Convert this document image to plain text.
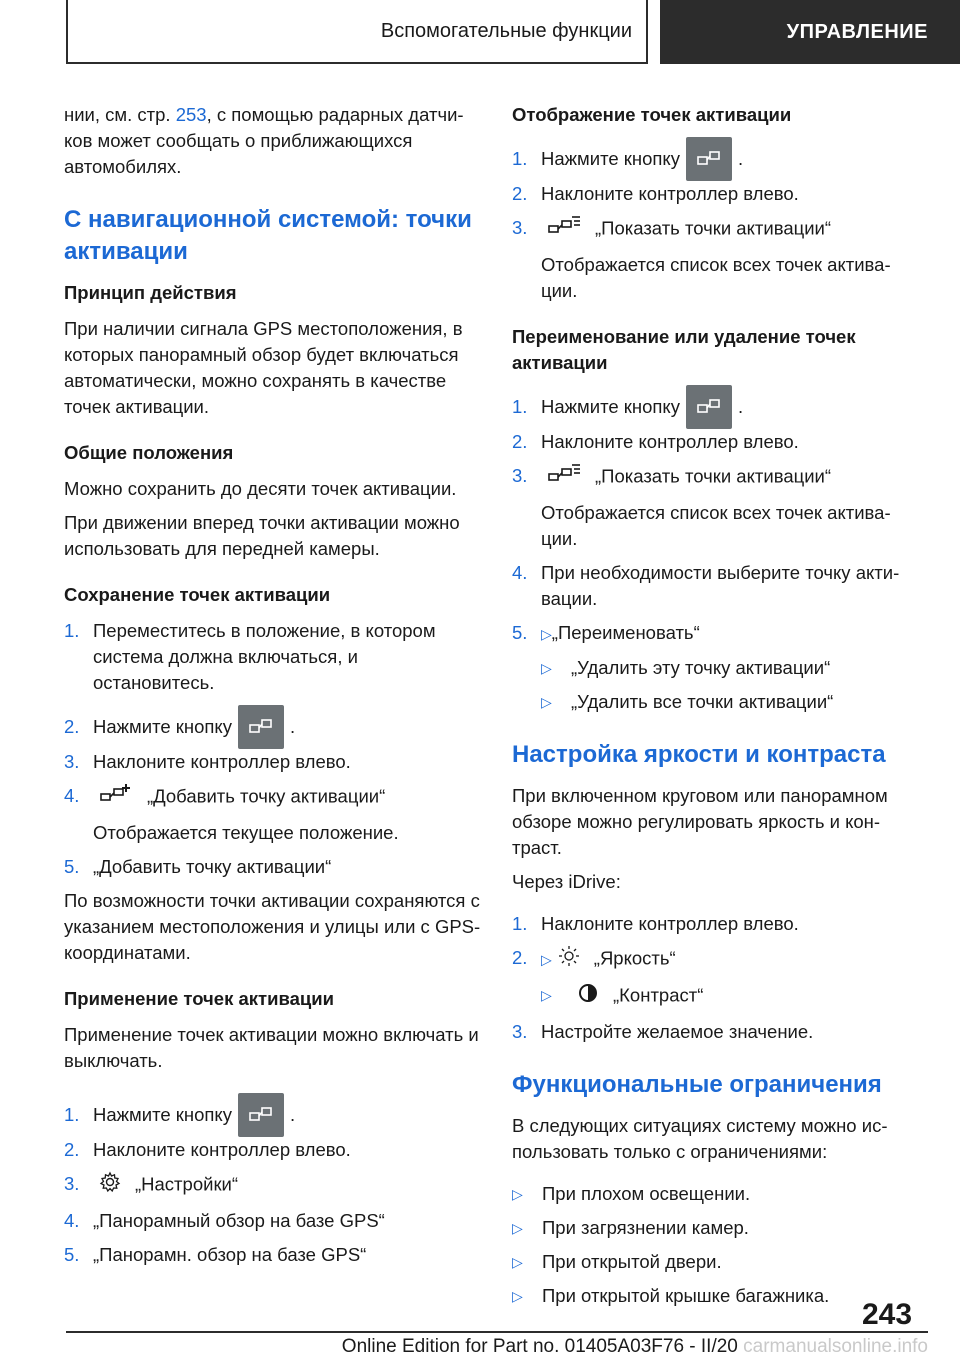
Вспомогательные функции	УПРАВЛЕНИЕ

нии, см. стр. 253, с помощью радарных датчи-ков может сообщать о приближающихся автомобилях.

С навигационной системой: точки активации
Принцип действия

При наличии сигнала GPS местоположения, в которых панорамный обзор будет включаться автоматически, можно сохранять в качестве точек активации.

Общие положения

Можно сохранить до десяти точек активации.

При движении вперед точки активации можно использовать для передней камеры.

Сохранение точек активации
1. Переместитесь в положение, в котором система должна включаться, и остановитесь.
2. Нажмите кнопку	.
3. Наклоните контроллер влево.
4.	„Добавить точку активации“
Отображается текущее положение.
5. „Добавить точку активации“

По возможности точки активации сохраняются с указанием местоположения и улицы или с GPS-координатами.

Применение точек активации

Применение точек активации можно включать и выключать.

1. Нажмите кнопку	.
2. Наклоните контроллер влево.
3.	„Настройки“
4. „Панорамный обзор на базе GPS“
5. „Панорамн. обзор на базе GPS“
Отображение точек активации
1. Нажмите кнопку	.
2. Наклоните контроллер влево.
3.	„Показать точки активации“
Отображается список всех точек актива-ции.
Переименование или удаление точек активации
1. Нажмите кнопку	.
2. Наклоните контроллер влево.
3.	„Показать точки активации“
Отображается список всех точек актива-ции.
4. При необходимости выберите точку акти-вации.
5. ▷„Переименовать“
▷	„Удалить эту точку активации“
▷	„Удалить все точки активации“
Настройка яркости и контраста

При включенном круговом или панорамном обзоре можно регулировать яркость и кон-траст.

Через iDrive:

1. Наклоните контроллер влево.
2. ▷ „Яркость“
▷	„Контраст“
3. Настройте желаемое значение.
Функциональные ограничения

В следующих ситуациях систему можно ис-пользовать только с ограничениями:

▷	При плохом освещении.
▷	При загрязнении камер.
▷	При открытой двери.
▷	При открытой крышке багажника.
243
Online Edition for Part no. 01405A03F76 - II/20 carmanualsonline.info
